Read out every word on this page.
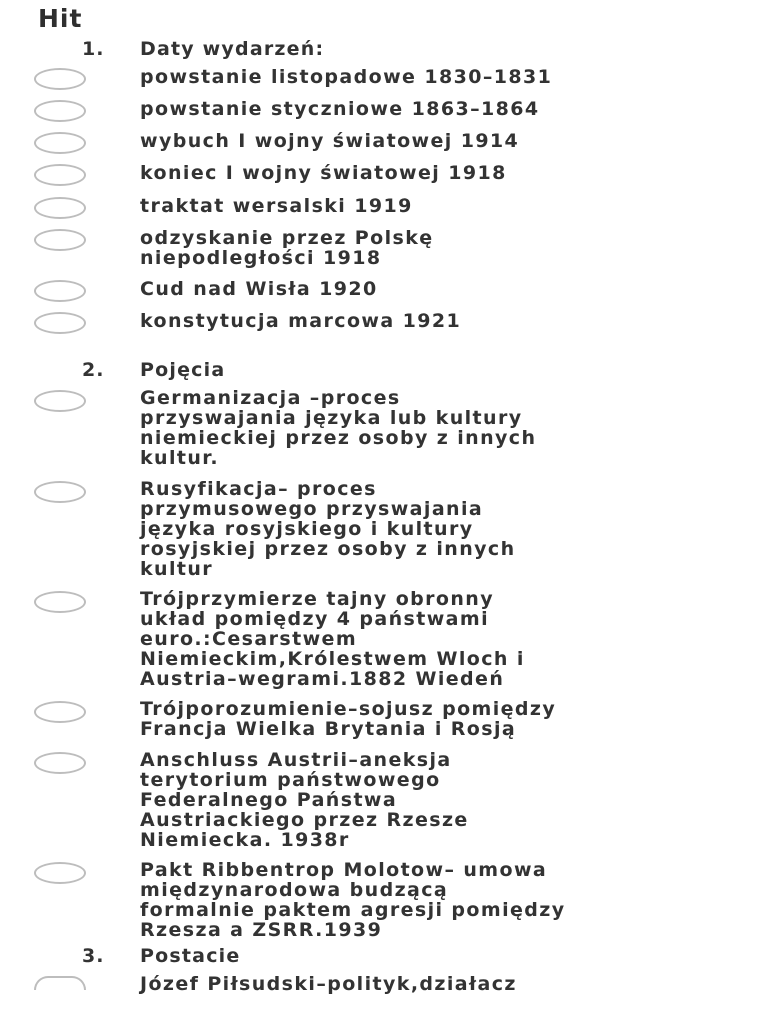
Hit
1. Daty wydarzeń:
powstanie listopadowe 1830–1831
powstanie styczniowe 1863–1864
wybuch I wojny światowej 1914
koniec I wojny światowej 1918
traktat wersalski 1919
odzyskanie przez Polskę
niepodległości 1918
Cud nad Wisła 1920
konstytucja marcowa 1921
2. Pojęcia
Germanizacja –proces
przyswajania języka lub kultury
niemieckiej przez osoby z innych
kultur.
Rusyfikacja– proces
przymusowego przyswajania
języka rosyjskiego i kultury
rosyjskiej przez osoby z innych
kultur
Trójprzymierze tajny obronny
układ pomiędzy 4 państwami
euro.:Cesarstwem
Niemieckim,Królestwem Wloch i
Austria–wegrami.1882 Wiedeń
Trójporozumienie–sojusz pomiędzy
Francja Wielka Brytania i Rosją
Anschluss Austrii–aneksja
terytorium państwowego
Federalnego Państwa
Austriackiego przez Rzesze
Niemiecka. 1938r
Pakt Ribbentrop Molotow– umowa
międzynarodowa budzącą
formalnie paktem agresji pomiędzy
Rzesza a ZSRR.1939
3. Postacie
Józef Piłsudski–polityk,działacz
